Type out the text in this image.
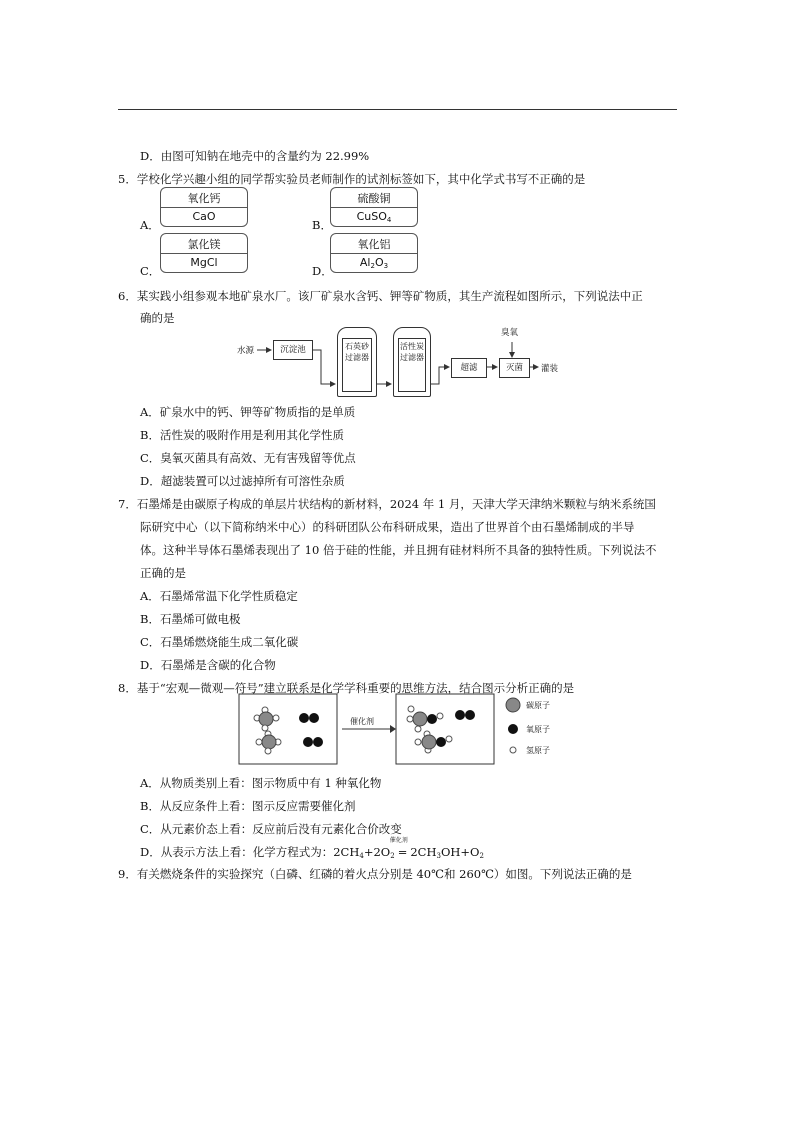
D．由图可知钠在地壳中的含量约为 22.99%
5．学校化学兴趣小组的同学帮实验员老师制作的试剂标签如下，其中化学式书写不正确的是
A．
氧化钙
CaO
B．
硫酸铜
CuSO$_4$
C．
氯化镁
MgCl
D．
氧化铝
$Al_2O_3$
6．某实践小组参观本地矿泉水厂。该厂矿泉水含钙、钾等矿物质，其生产流程如图所示，下列说法中正
确的是
水源	沉淀池	石英砂过滤器
活性炭过滤器
超滤
臭氧
灭菌	灌装
A．矿泉水中的钙、钾等矿物质指的是单质
B．活性炭的吸附作用是利用其化学性质
C．臭氧灭菌具有高效、无有害残留等优点
D．超滤装置可以过滤掉所有可溶性杂质
7．石墨烯是由碳原子构成的单层片状结构的新材料，2024 年 1 月，天津大学天津纳米颗粒与纳米系统国
际研究中心（以下简称纳米中心）的科研团队公布科研成果，造出了世界首个由石墨烯制成的半导
体。这种半导体石墨烯表现出了 10 倍于硅的性能，并且拥有硅材料所不具备的独特性质。下列说法不
正确的是
A．石墨烯常温下化学性质稳定
B．石墨烯可做电极
C．石墨烯燃烧能生成二氧化碳
D．石墨烯是含碳的化合物
8．基于“宏观—微观—符号”建立联系是化学学科重要的思维方法，结合图示分析正确的是
催化剂
碳原子
氧原子
氢原子
A．从物质类别上看：图示物质中有 1 种氧化物
B．从反应条件上看：图示反应需要催化剂
C．从元素价态上看：反应前后没有元素化合价改变
D．从表示方法上看：化学方程式为：$2CH_4+2O_2$
催化剂
= $2CH_3OH+O_2$
9．有关燃烧条件的实验探究（白磷、红磷的着火点分别是 40℃和 260℃）如图。下列说法正确的是
